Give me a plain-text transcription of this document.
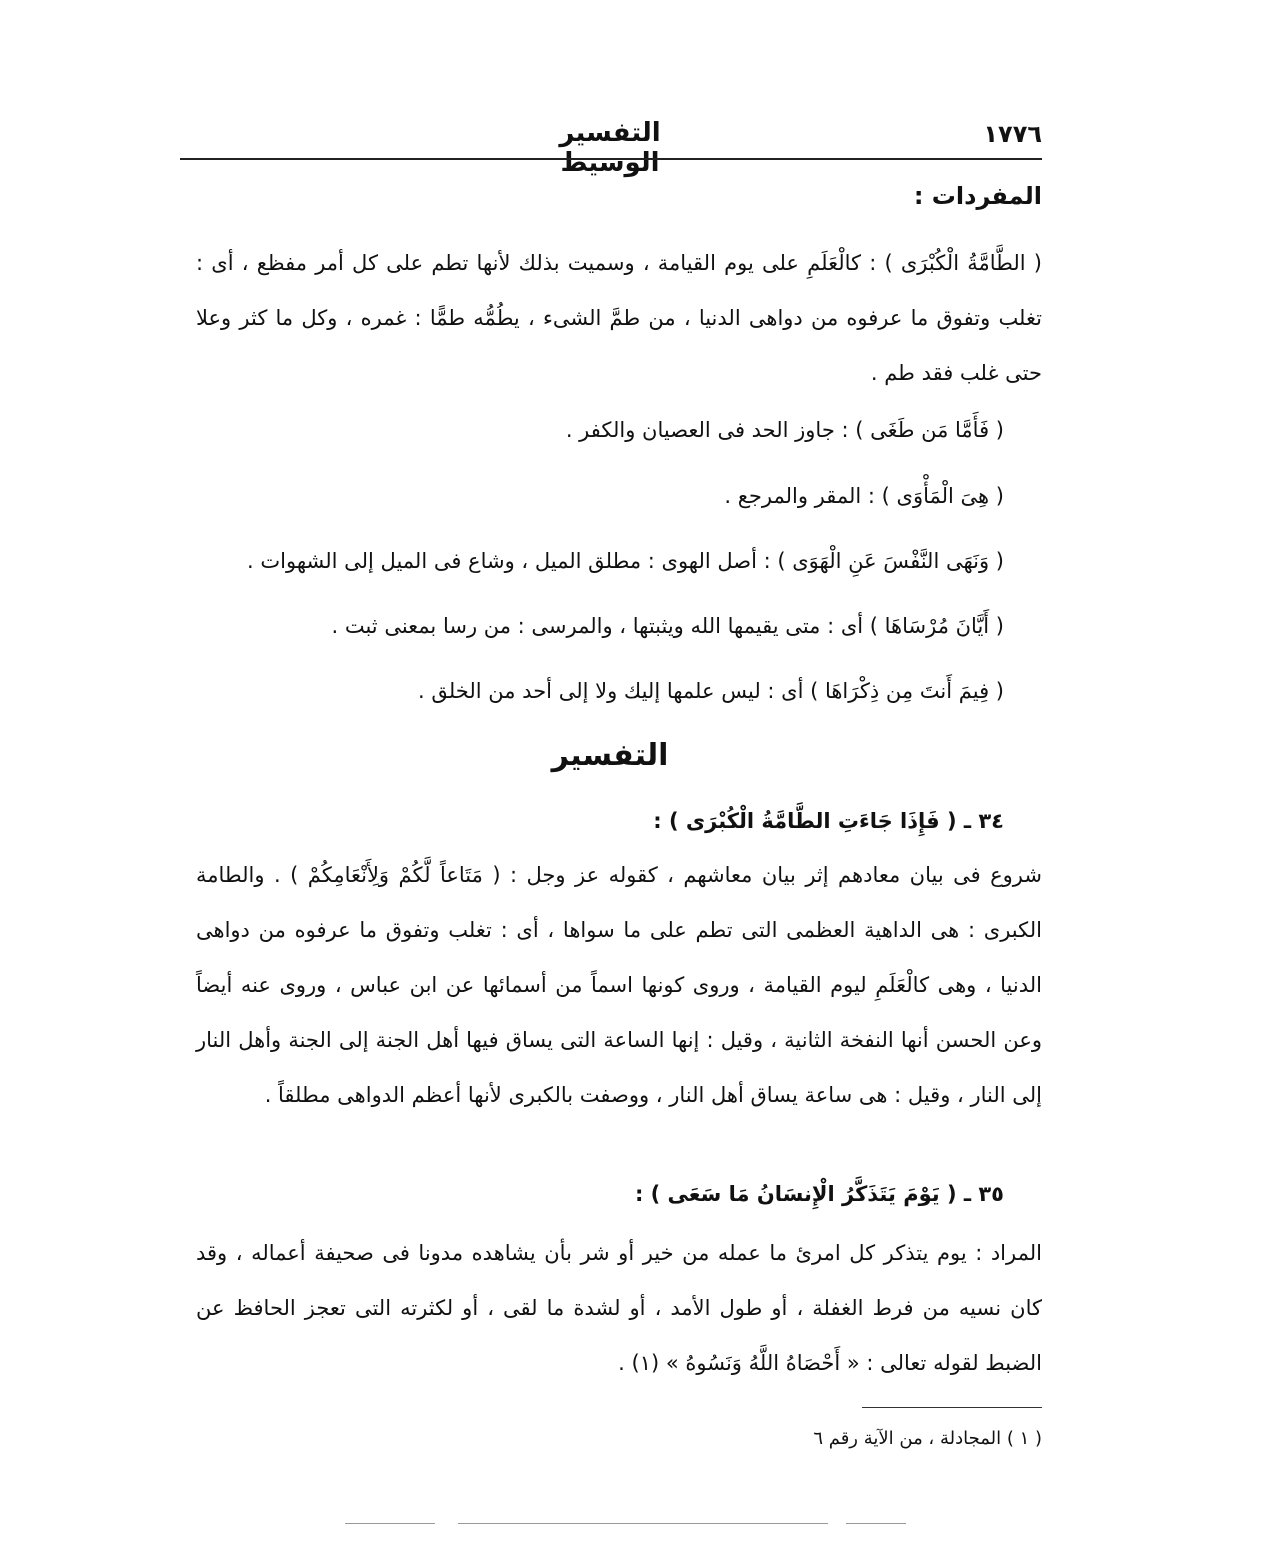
١٧٧٦
التفسير الوسيط
المفردات :
( الطَّامَّةُ الْكُبْرَى ) : كالْعَلَمِ على يوم القيامة ، وسميت بذلك لأنها تطم على كل أمر مفظع ، أى : تغلب وتفوق ما عرفوه من دواهى الدنيا ، من طمَّ الشىء ، يطُمُّه طمًّا : غمره ، وكل ما كثر وعلا حتى غلب فقد طم .
( فَأَمَّا مَن طَغَى ) : جاوز الحد فى العصيان والكفر .
( هِىَ الْمَأْوَى ) : المقر والمرجع .
( وَنَهَى النَّفْسَ عَنِ الْهَوَى ) : أصل الهوى : مطلق الميل ، وشاع فى الميل إلى الشهوات .
( أَيَّانَ مُرْسَاهَا ) أى : متى يقيمها الله ويثبتها ، والمرسى : من رسا بمعنى ثبت .
( فِيمَ أَنتَ مِن ذِكْرَاهَا ) أى : ليس علمها إليك ولا إلى أحد من الخلق .
التفسير
٣٤ ـ ( فَإِذَا جَاءَتِ الطَّامَّةُ الْكُبْرَى ) :
شروع فى بيان معادهم إثر بيان معاشهم ، كقوله عز وجل : ( مَتَاعاً لَّكُمْ وَلِأَنْعَامِكُمْ ) . والطامة الكبرى : هى الداهية العظمى التى تطم على ما سواها ، أى : تغلب وتفوق ما عرفوه من دواهى الدنيا ، وهى كالْعَلَمِ ليوم القيامة ، وروى كونها اسماً من أسمائها عن ابن عباس ، وروى عنه أيضاً وعن الحسن أنها النفخة الثانية ، وقيل : إنها الساعة التى يساق فيها أهل الجنة إلى الجنة وأهل النار إلى النار ، وقيل : هى ساعة يساق أهل النار ، ووصفت بالكبرى لأنها أعظم الدواهى مطلقاً .
٣٥ ـ ( يَوْمَ يَتَذَكَّرُ الْإِنسَانُ مَا سَعَى ) :
المراد : يوم يتذكر كل امرئ ما عمله من خير أو شر بأن يشاهده مدونا فى صحيفة أعماله ، وقد كان نسيه من فرط الغفلة ، أو طول الأمد ، أو لشدة ما لقى ، أو لكثرته التى تعجز الحافظ عن الضبط لقوله تعالى : « أَحْصَاهُ اللَّهُ وَنَسُوهُ » (١) .
( ١ ) المجادلة ، من الآية رقم ٦
